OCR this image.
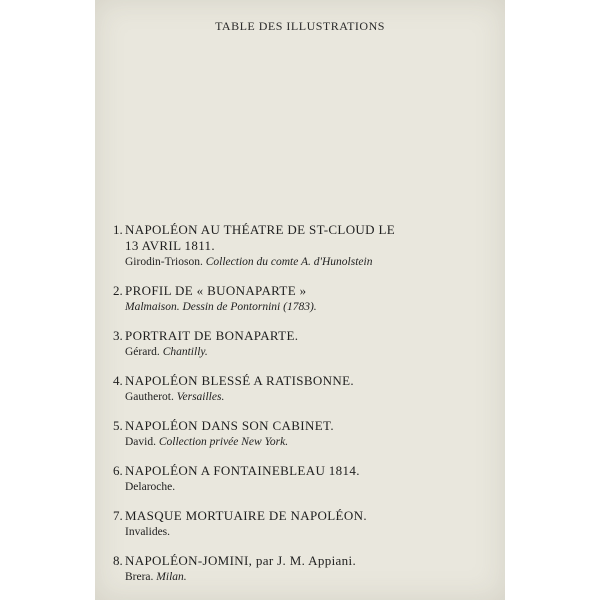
TABLE DES ILLUSTRATIONS
1. NAPOLÉON AU THÉATRE DE ST-CLOUD LE
13 AVRIL 1811.
Girodin-Trioson. Collection du comte A. d'Hunolstein
2. PROFIL DE « BUONAPARTE »
Malmaison. Dessin de Pontornini (1783).
3. PORTRAIT DE BONAPARTE.
Gérard. Chantilly.
4. NAPOLÉON BLESSÉ A RATISBONNE.
Gautherot. Versailles.
5. NAPOLÉON DANS SON CABINET.
David. Collection privée New York.
6. NAPOLÉON A FONTAINEBLEAU 1814.
Delaroche.
7. MASQUE MORTUAIRE DE NAPOLÉON.
Invalides.
8. NAPOLÉON-JOMINI, par J. M. Appiani.
Brera. Milan.
